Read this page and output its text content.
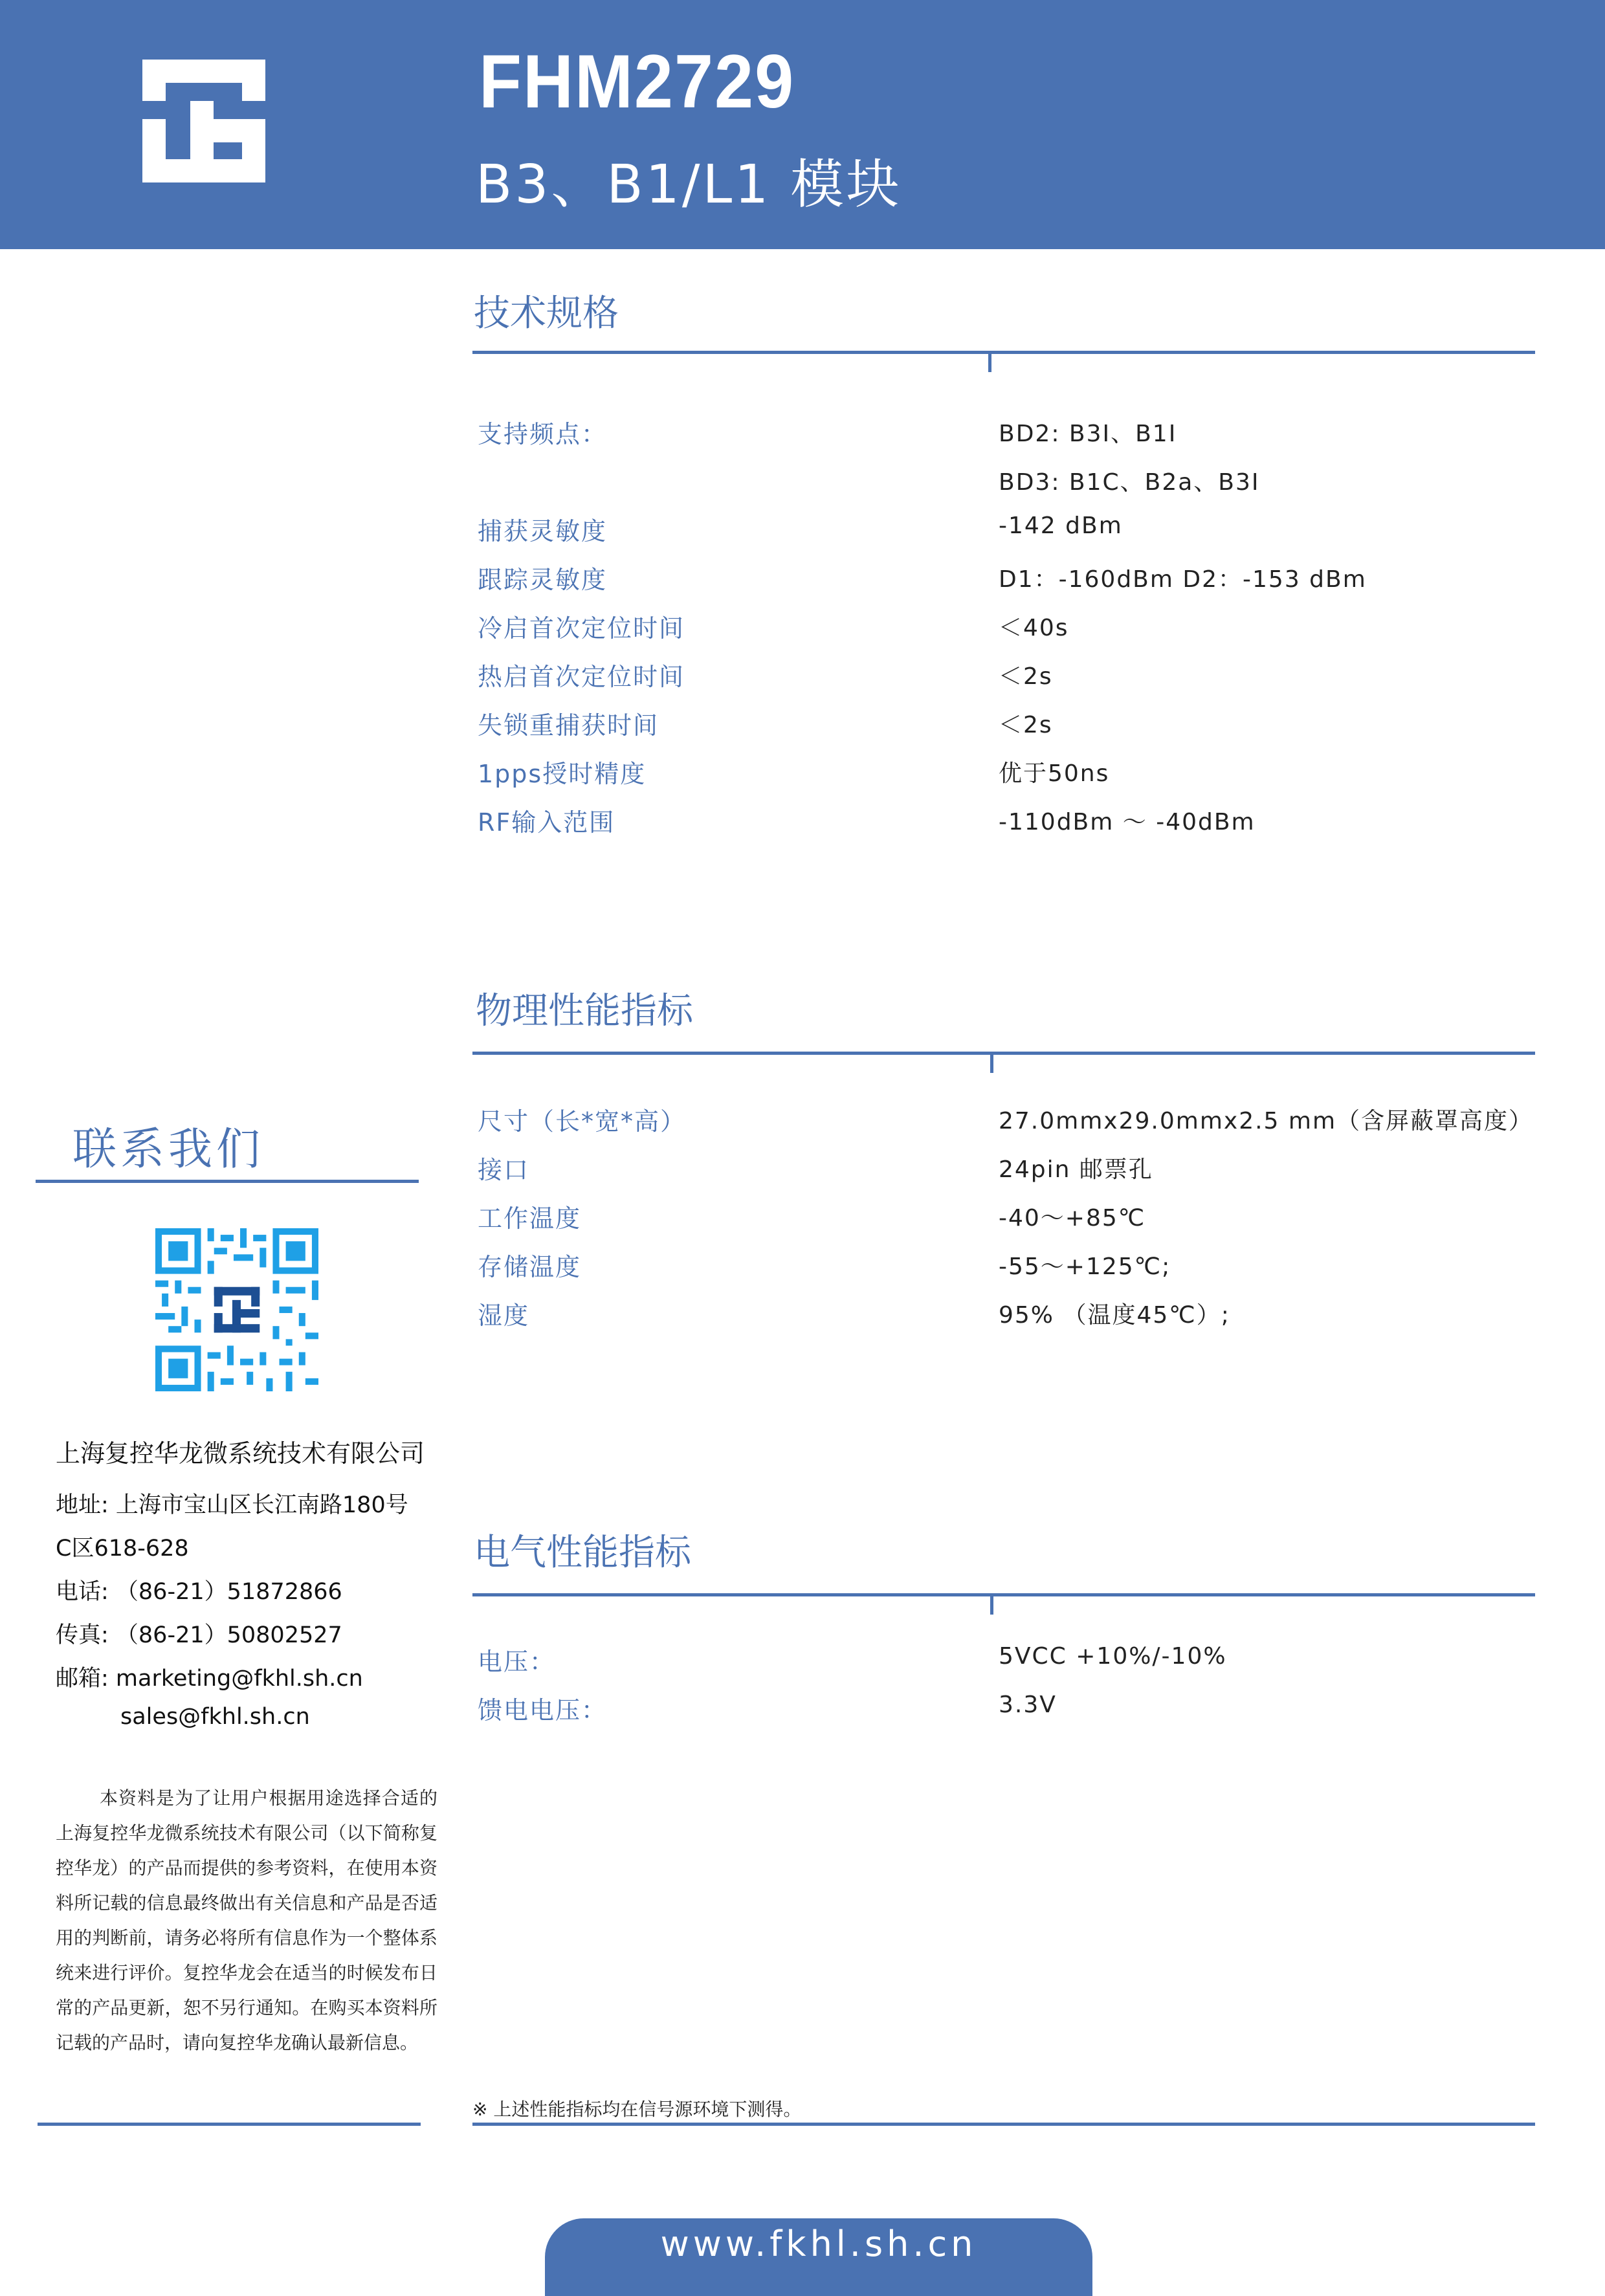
FHM2729
B3、B1/L1 模块
技术规格
支持频点：	BD2: B3I、B1I
BD3: B1C、B2a、B3I
捕获灵敏度	-142 dBm
跟踪灵敏度	D1：-160dBm D2：-153 dBm
冷启首次定位时间	＜40s
热启首次定位时间	＜2s
失锁重捕获时间	＜2s
1pps授时精度	优于50ns
RF输入范围	-110dBm ～ -40dBm
物理性能指标
尺寸（长*宽*高）	27.0mmx29.0mmx2.5 mm（含屏蔽罩高度）
接口	24pin 邮票孔
工作温度	-40～+85℃
存储温度	-55～+125℃;
湿度	95% （温度45℃）;
电气性能指标
电压：	5VCC +10%/-10%
馈电电压：	3.3V
※ 上述性能指标均在信号源环境下测得。
联系我们
上海复控华龙微系统技术有限公司
地址: 上海市宝山区长江南路180号
C区618-628
电话: （86-21）51872866
传真: （86-21）50802527
邮箱: marketing@fkhl.sh.cn
sales@fkhl.sh.cn
本资料是为了让用户根据用途选择合适的上海复控华龙微系统技术有限公司（以下简称复控华龙）的产品而提供的参考资料，在使用本资料所记载的信息最终做出有关信息和产品是否适用的判断前，请务必将所有信息作为一个整体系统来进行评价。复控华龙会在适当的时候发布日常的产品更新，恕不另行通知。在购买本资料所记载的产品时，请向复控华龙确认最新信息。
www.fkhl.sh.cn
